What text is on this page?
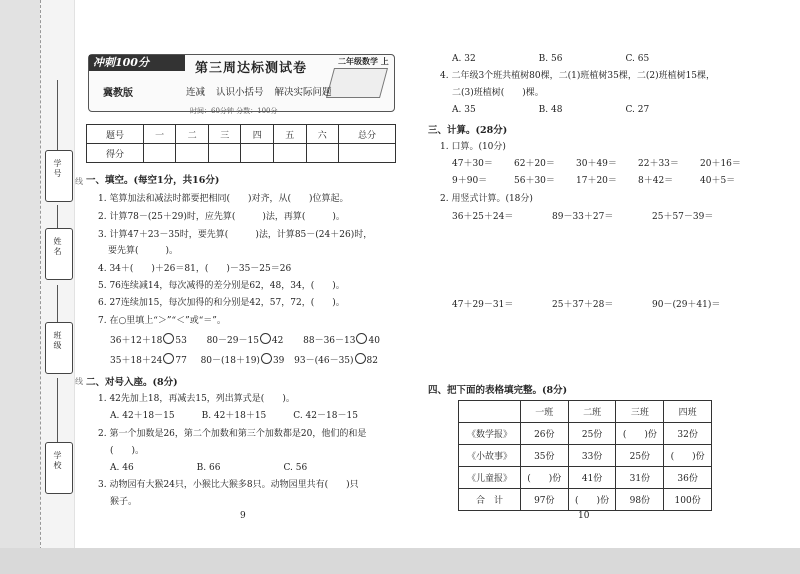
学号
姓名
班级
学校
线
线
冲刺100分	第三周达标测试卷	二年级数学 上
冀教版	连减 认识小括号 解决实际问题
时间：60分钟 分数：100分
题号	一	二	三	四	五	六	总分
得分							
一、填空。(每空1分，共16分)
1. 笔算加法和减法时都要把相同(　　)对齐，从(　　)位算起。
2. 计算78－(25＋29)时，应先算(　　　)法，再算(　　　)。
3. 计算47＋23－35时，要先算(　　　)法，计算85－(24＋26)时，
要先算(　　　)。
4. 34＋(　　)＋26＝81，(　　)－35－25＝26
5. 76连续减14，每次减得的差分别是62，48，34，(　　)。
6. 27连续加15，每次加得的和分别是42，57，72，(　　)。
7. 在○里填上“＞”“＜”或“＝”。
36＋12＋18 53 80－29－15 42 88－36－13 40
35＋18＋24 77 80－(18＋19) 39 93－(46－35) 82
二、对号入座。(8分)
1. 42先加上18，再减去15，列出算式是(　　)。
A. 42＋18－15　　　B. 42＋18＋15　　　C. 42－18－15
2. 第一个加数是26，第二个加数和第三个加数都是20，他们的和是
(　　)。
A. 46　　　　　　　B. 66　　　　　　　C. 56
3. 动物园有大猴24只，小猴比大猴多8只。动物园里共有(　　)只
猴子。
9
A. 32　　　　　　　B. 56　　　　　　　C. 65
4. 二年级3个班共植树80棵，二(1)班植树35棵，二(2)班植树15棵，
二(3)班植树(　　)棵。
A. 35　　　　　　　B. 48　　　　　　　C. 27
三、计算。(28分)
1. 口算。(10分)
47＋30＝ 62＋20＝ 30＋49＝ 22＋33＝ 20＋16＝
9＋90＝	56＋30＝ 17＋20＝ 8＋42＝	40＋5＝
2. 用竖式计算。(18分)
36＋25＋24＝	89－33＋27＝	25＋57－39＝
47＋29－31＝	25＋37＋28＝	90－(29＋41)＝
四、把下面的表格填完整。(8分)
	一班	二班	三班	四班
《数学报》	26份	25份	(　　)份	32份
《小故事》	35份	33份	25份	(　　)份
《儿童报》	(　　)份	41份	31份	36份
合　计	97份	(　　)份	98份	100份
10
